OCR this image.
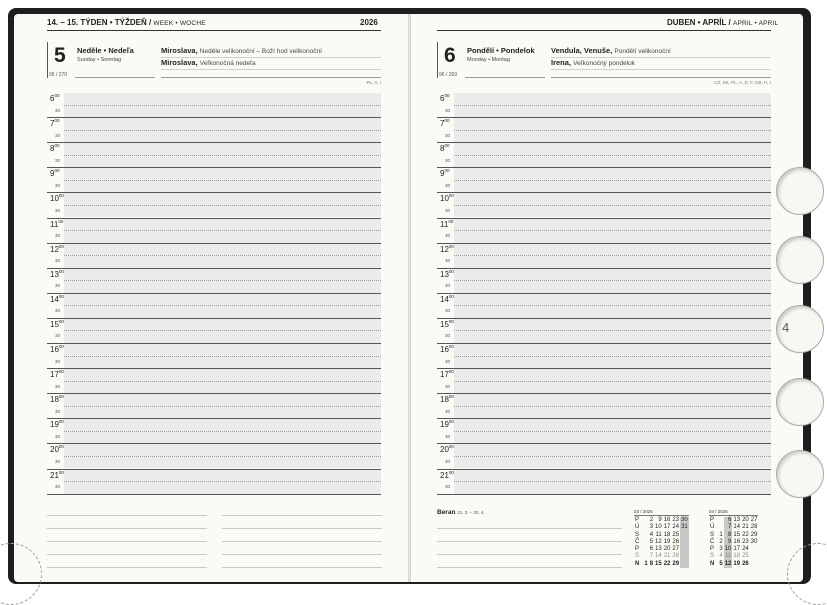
14. – 15. TÝDEN • TÝŽDEŇ / WEEK • WOCHE	2026
5 Neděle • Nedeľa
Sunday • Sonntag
95 / 270
Miroslava, Neděle velikonoční – Boží hod velikonoční
Miroslava, Veľkonočná nedeľa
PL, A, I
DUBEN • APRÍL / APRIL • APRIL
6 Pondělí • Pondelok
Monday • Montag
96 / 269
Vendula, Venuše, Pondělí velikonoční
Irena, Veľkonočný pondelok
CZ, SK, PL, A, D, F, GB, H, I
$6^{00}$
30
$7^{00}$
30
$8^{00}$
30
$9^{00}$
30
$10^{00}$
30
$11^{00}$
30
$12^{00}$
30
$13^{00}$
30
$14^{00}$
30
$15^{00}$
30
$16^{00}$
30
$17^{00}$
30
$18^{00}$
30
$19^{00}$
30
$20^{00}$
30
$21^{00}$
30
$6^{00}$
30
$7^{00}$
30
$8^{00}$
30
$9^{00}$
30
$10^{00}$
30
$11^{00}$
30
$12^{00}$
30
$13^{00}$
30
$14^{00}$
30
$15^{00}$
30
$16^{00}$
30
$17^{00}$
30
$18^{00}$
30
$19^{00}$
30
$20^{00}$
30
$21^{00}$
30
Beran 21. 3. – 20. 4.	03 / 2026
P		2	9	16	23	30
Ú		3	10	17	24	31
S		4	11	18	25	
Č		5	12	19	26	
P		6	13	20	27	
S		7	14	21	28	
N	1	8	15	22	29	
04 / 2026
P		6	13	20	27
Ú		7	14	21	28
S	1	8	15	22	29
Č	2	9	16	23	30
P	3	10	17	24	
S	4	11	18	25	
N	5	12	19	26	
4
